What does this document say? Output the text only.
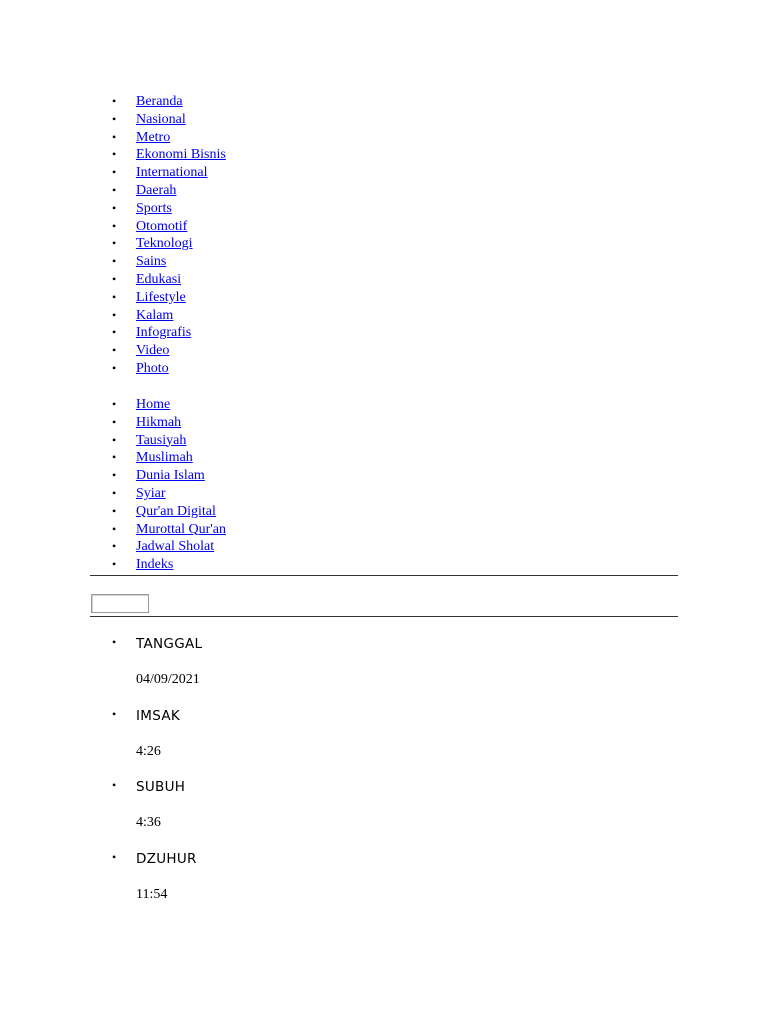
• Beranda
• Nasional
• Metro
• Ekonomi Bisnis
• International
• Daerah
• Sports
• Otomotif
• Teknologi
• Sains
• Edukasi
• Lifestyle
• Kalam
• Infografis
• Video
• Photo
• Home
• Hikmah
• Tausiyah
• Muslimah
• Dunia Islam
• Syiar
• Qur'an Digital
• Murottal Qur'an
• Jadwal Sholat
• Indeks
• TANGGAL
04/09/2021
• IMSAK
4:26
• SUBUH
4:36
• DZUHUR
11:54
